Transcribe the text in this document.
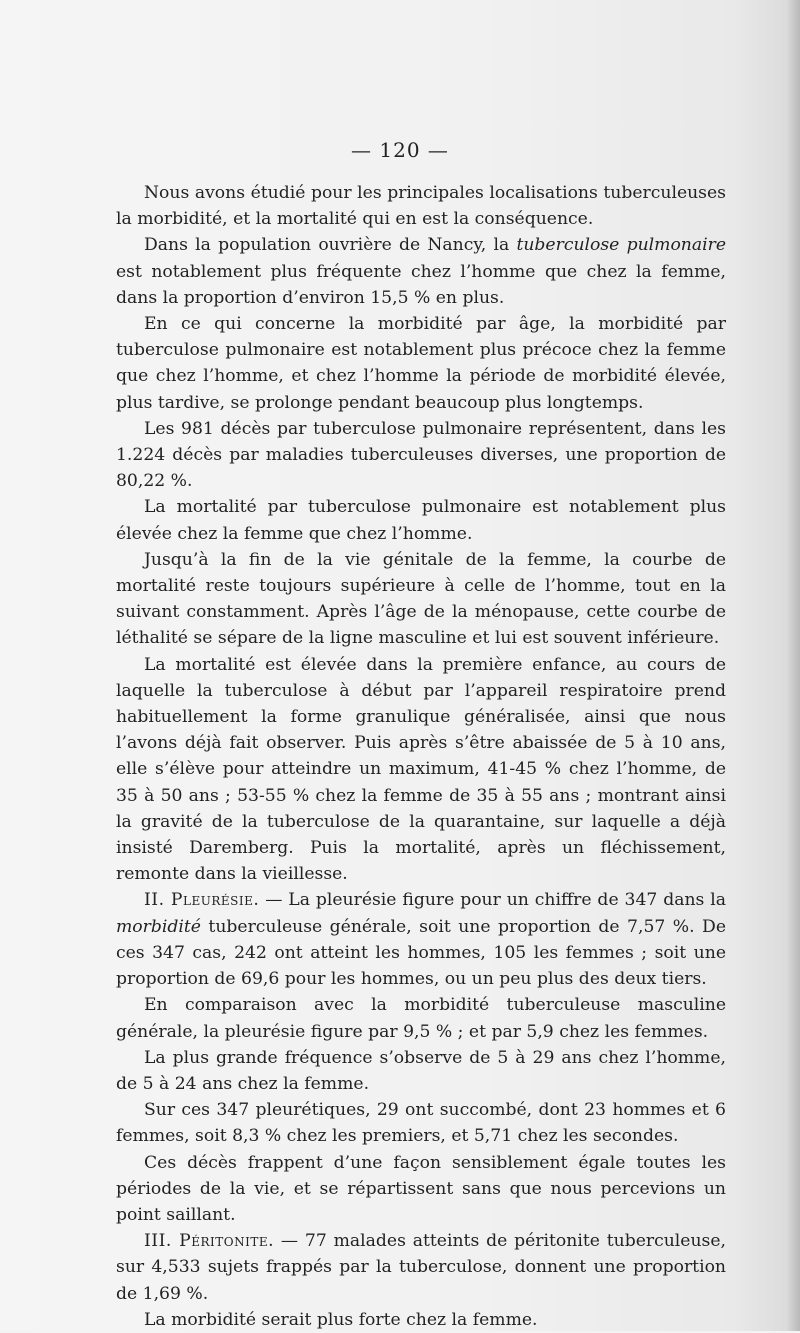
— 120 —

Nous avons étudié pour les principales localisations tuberculeuses la morbidité, et la mortalité qui en est la conséquence.

Dans la population ouvrière de Nancy, la tuberculose pulmonaire est notablement plus fréquente chez l’homme que chez la femme, dans la proportion d’environ 15,5 % en plus.

En ce qui concerne la morbidité par âge, la morbidité par tuberculose pulmonaire est notablement plus précoce chez la femme que chez l’homme, et chez l’homme la période de morbidité élevée, plus tardive, se prolonge pendant beaucoup plus longtemps.

Les 981 décès par tuberculose pulmonaire représentent, dans les 1.224 décès par maladies tuberculeuses diverses, une proportion de 80,22 %.

La mortalité par tuberculose pulmonaire est notablement plus élevée chez la femme que chez l’homme.

Jusqu’à la fin de la vie génitale de la femme, la courbe de mortalité reste toujours supérieure à celle de l’homme, tout en la suivant constamment. Après l’âge de la ménopause, cette courbe de léthalité se sépare de la ligne masculine et lui est souvent inférieure.

La mortalité est élevée dans la première enfance, au cours de laquelle la tuberculose à début par l’appareil respiratoire prend habituellement la forme granulique généralisée, ainsi que nous l’avons déjà fait observer. Puis après s’être abaissée de 5 à 10 ans, elle s’élève pour atteindre un maximum, 41-45 % chez l’homme, de 35 à 50 ans ; 53-55 % chez la femme de 35 à 55 ans ; montrant ainsi la gravité de la tuberculose de la quarantaine, sur laquelle a déjà insisté Daremberg. Puis la mortalité, après un fléchissement, remonte dans la vieillesse.

II. Pleurésie. — La pleurésie figure pour un chiffre de 347 dans la morbidité tuberculeuse générale, soit une proportion de 7,57 %. De ces 347 cas, 242 ont atteint les hommes, 105 les femmes ; soit une proportion de 69,6 pour les hommes, ou un peu plus des deux tiers.

En comparaison avec la morbidité tuberculeuse masculine générale, la pleurésie figure par 9,5 % ; et par 5,9 chez les femmes.

La plus grande fréquence s’observe de 5 à 29 ans chez l’homme, de 5 à 24 ans chez la femme.

Sur ces 347 pleurétiques, 29 ont succombé, dont 23 hommes et 6 femmes, soit 8,3 % chez les premiers, et 5,71 chez les secondes.

Ces décès frappent d’une façon sensiblement égale toutes les périodes de la vie, et se répartissent sans que nous percevions un point saillant.

III. Péritonite. — 77 malades atteints de péritonite tuberculeuse, sur 4,533 sujets frappés par la tuberculose, donnent une proportion de 1,69 %.

La morbidité serait plus forte chez la femme.
